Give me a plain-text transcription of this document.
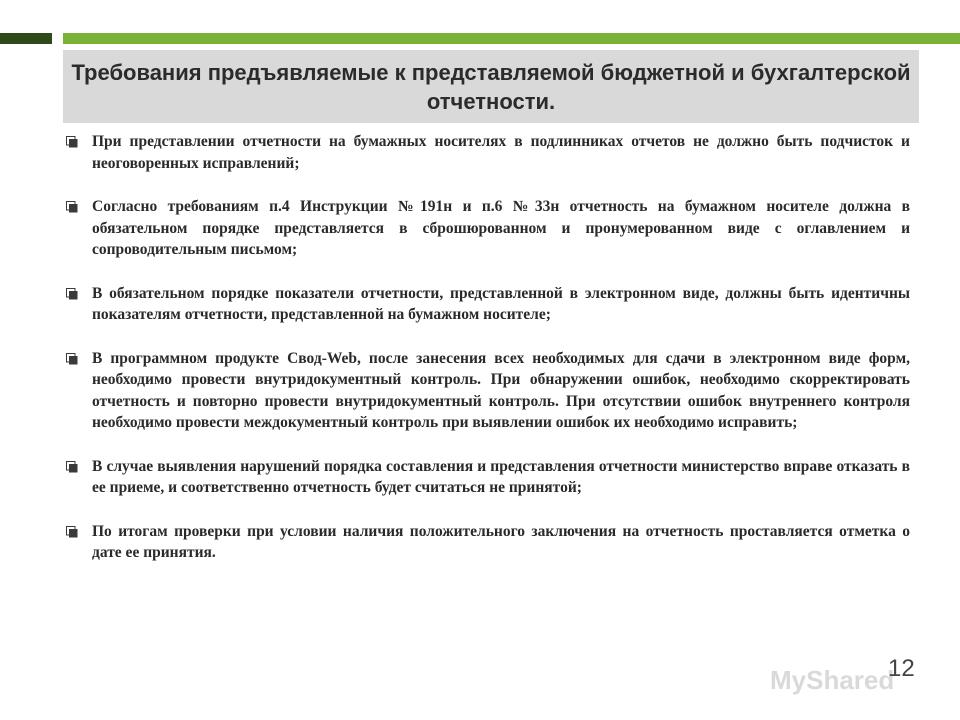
Требования предъявляемые к представляемой бюджетной и бухгалтерской отчетности.
При представлении отчетности на бумажных носителях в подлинниках отчетов не должно быть подчисток и неоговоренных исправлений;
Согласно требованиям п.4 Инструкции №191н и п.6 №33н отчетность на бумажном носителе должна в обязательном порядке представляется в сброшюрованном и пронумерованном виде с оглавлением и сопроводительным письмом;
В обязательном порядке показатели отчетности, представленной в электронном виде, должны быть идентичны показателям отчетности, представленной на бумажном носителе;
В программном продукте Свод-Web, после занесения всех необходимых для сдачи в электронном виде форм, необходимо провести внутридокументный контроль. При обнаружении ошибок, необходимо скорректировать отчетность и повторно провести внутридокументный контроль. При отсутствии ошибок внутреннего контроля необходимо провести междокументный контроль при выявлении ошибок их необходимо исправить;
В случае выявления нарушений порядка составления и представления отчетности министерство вправе отказать в ее приеме, и соответственно отчетность будет считаться не принятой;
По итогам проверки при условии наличия положительного заключения на отчетность проставляется отметка о дате ее принятия.
MyShared
12
